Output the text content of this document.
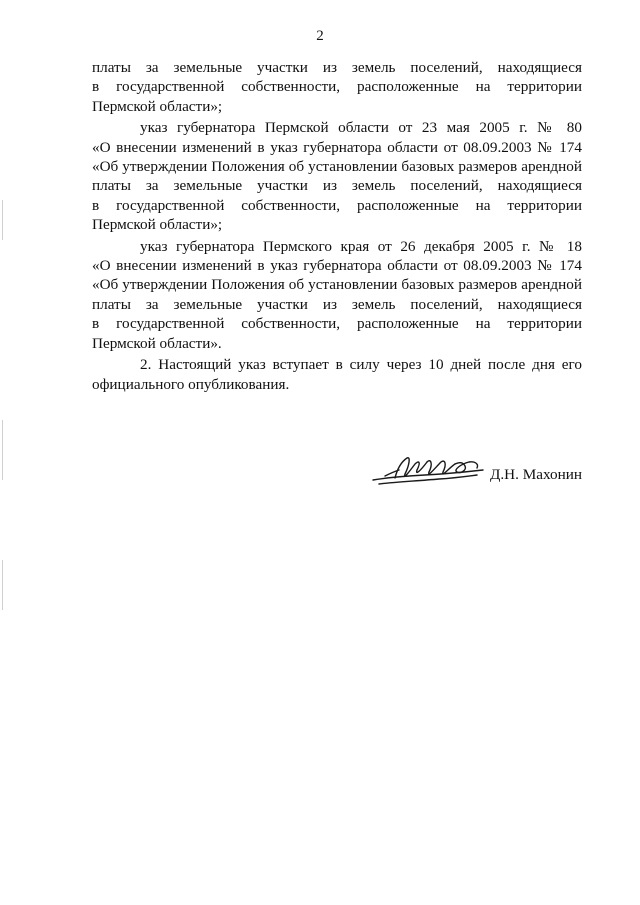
2
платы за земельные участки из земель поселений, находящиеся
в государственной собственности, расположенные на территории
Пермской области»;
указ губернатора Пермской области от 23 мая 2005 г. № 80
«О внесении изменений в указ губернатора области от 08.09.2003 № 174
«Об утверждении Положения об установлении базовых размеров арендной
платы за земельные участки из земель поселений, находящиеся
в государственной собственности, расположенные на территории
Пермской области»;
указ губернатора Пермского края от 26 декабря 2005 г. № 18
«О внесении изменений в указ губернатора области от 08.09.2003 № 174
«Об утверждении Положения об установлении базовых размеров арендной
платы за земельные участки из земель поселений, находящиеся
в государственной собственности, расположенные на территории
Пермской области».
2. Настоящий указ вступает в силу через 10 дней после дня его
официального опубликования.
Д.Н. Махонин
